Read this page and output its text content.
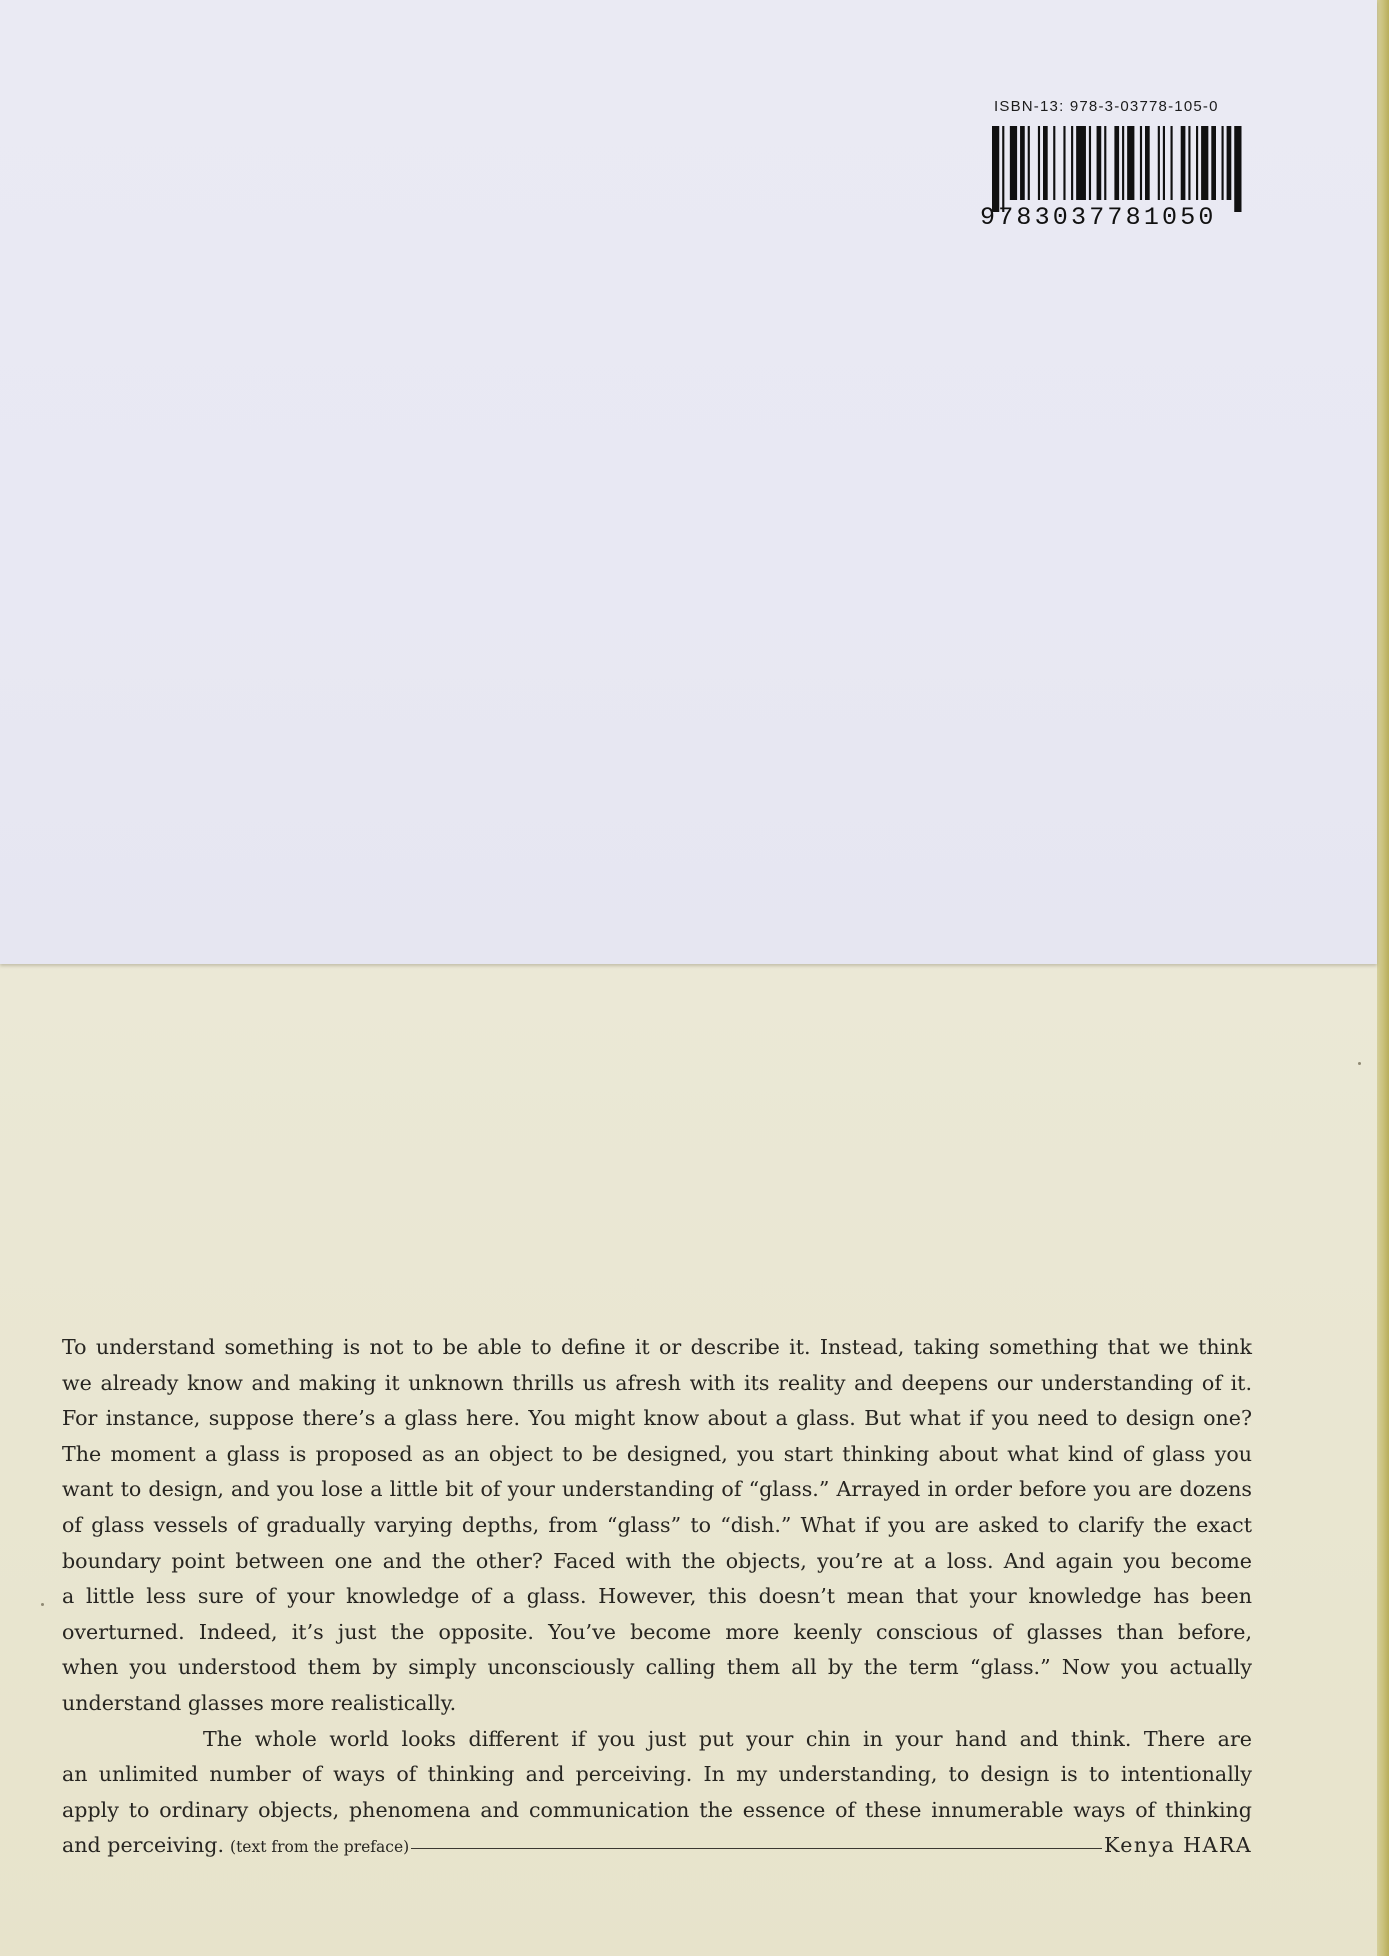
ISBN-13: 978-3-03778-105-0
9783037781050
To understand something is not to be able to define it or describe it. Instead, taking something that we think
we already know and making it unknown thrills us afresh with its reality and deepens our understanding of it.
For instance, suppose there’s a glass here. You might know about a glass. But what if you need to design one?
The moment a glass is proposed as an object to be designed, you start thinking about what kind of glass you
want to design, and you lose a little bit of your understanding of “glass.” Arrayed in order before you are dozens
of glass vessels of gradually varying depths, from “glass” to “dish.” What if you are asked to clarify the exact
boundary point between one and the other? Faced with the objects, you’re at a loss. And again you become
a little less sure of your knowledge of a glass. However, this doesn’t mean that your knowledge has been
overturned. Indeed, it’s just the opposite. You’ve become more keenly conscious of glasses than before,
when you understood them by simply unconsciously calling them all by the term “glass.” Now you actually
understand glasses more realistically.
The whole world looks different if you just put your chin in your hand and think. There are
an unlimited number of ways of thinking and perceiving. In my understanding, to design is to intentionally
apply to ordinary objects, phenomena and communication the essence of these innumerable ways of thinking
and perceiving. (text from the preface)	Kenya HARA
